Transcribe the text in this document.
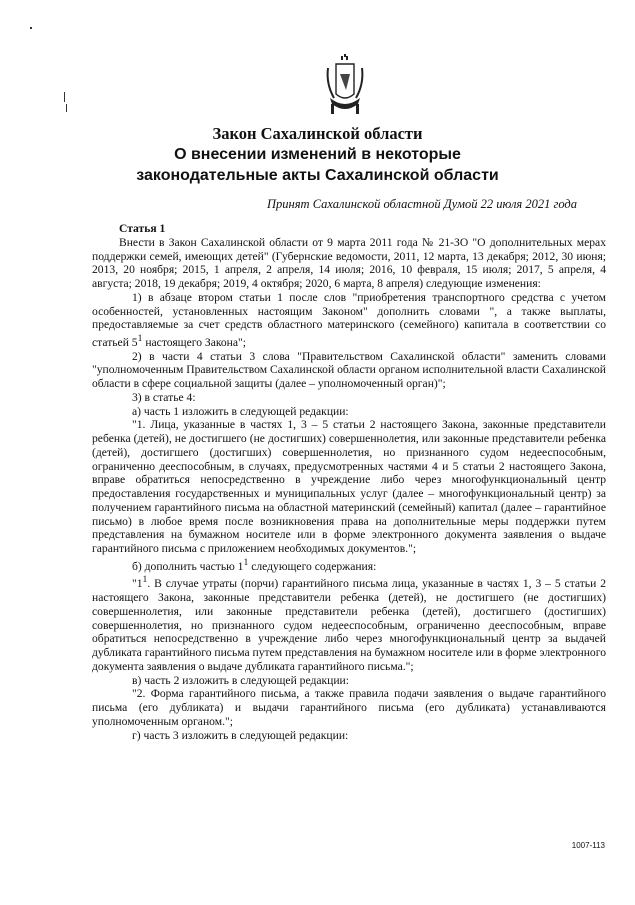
Закон Сахалинской области
О внесении изменений в некоторые
законодательные акты Сахалинской области
Принят Сахалинской областной Думой 22 июля 2021 года

Статья 1

Внести в Закон Сахалинской области от 9 марта 2011 года № 21-ЗО "О дополнительных мерах поддержки семей, имеющих детей" (Губернские ведомости, 2011, 12 марта, 13 декабря; 2012, 30 июня; 2013, 20 ноября; 2015, 1 апреля, 2 апреля, 14 июля; 2016, 10 февраля, 15 июля; 2017, 5 апреля, 4 августа; 2018, 19 декабря; 2019, 4 октября; 2020, 6 марта, 8 апреля) следующие изменения:

1) в абзаце втором статьи 1 после слов "приобретения транспортного средства с учетом особенностей, установленных настоящим Законом" дополнить словами ", а также выплаты, предоставляемые за счет средств областного материнского (семейного) капитала в соответствии со статьей $5^1$ настоящего Закона";

2) в части 4 статьи 3 слова "Правительством Сахалинской области" заменить словами "уполномоченным Правительством Сахалинской области органом исполнительной власти Сахалинской области в сфере социальной защиты (далее – уполномоченный орган)";

3) в статье 4:

а) часть 1 изложить в следующей редакции:

"1. Лица, указанные в частях 1, 3 – 5 статьи 2 настоящего Закона, законные представители ребенка (детей), не достигшего (не достигших) совершеннолетия, или законные представители ребенка (детей), достигшего (достигших) совершеннолетия, но признанного судом недееспособным, ограниченно дееспособным, в случаях, предусмотренных частями 4 и 5 статьи 2 настоящего Закона, вправе обратиться непосредственно в учреждение либо через многофункциональный центр предоставления государственных и муниципальных услуг (далее – многофункциональный центр) за получением гарантийного письма на областной материнский (семейный) капитал (далее – гарантийное письмо) в любое время после возникновения права на дополнительные меры поддержки путем представления на бумажном носителе или в форме электронного документа заявления о выдаче гарантийного письма с приложением необходимых документов.";

б) дополнить частью $1^1$ следующего содержания:

"$1^1$. В случае утраты (порчи) гарантийного письма лица, указанные в частях 1, 3 – 5 статьи 2 настоящего Закона, законные представители ребенка (детей), не достигшего (не достигших) совершеннолетия, или законные представители ребенка (детей), достигшего (достигших) совершеннолетия, но признанного судом недееспособным, ограниченно дееспособным, вправе обратиться непосредственно в учреждение либо через многофункциональный центр за выдачей дубликата гарантийного письма путем представления на бумажном носителе или в форме электронного документа заявления о выдаче дубликата гарантийного письма.";

в) часть 2 изложить в следующей редакции:

"2. Форма гарантийного письма, а также правила подачи заявления о выдаче гарантийного письма (его дубликата) и выдачи гарантийного письма (его дубликата) устанавливаются уполномоченным органом.";

г) часть 3 изложить в следующей редакции:

1007-113
